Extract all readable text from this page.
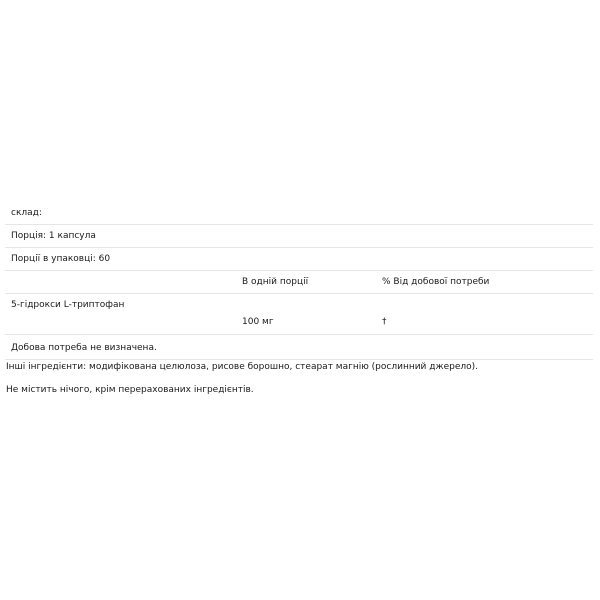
склад:
Порція: 1 капсула
Порції в упаковці: 60
В одній порції	% Від добової потреби
5-гідрокси L-триптофан
100 мг	†
Добова потреба не визначена.
Інші інгредієнти: модифікована целюлоза, рисове борошно, стеарат магнію (рослинний джерело).
Не містить нічого, крім перерахованих інгредієнтів.
